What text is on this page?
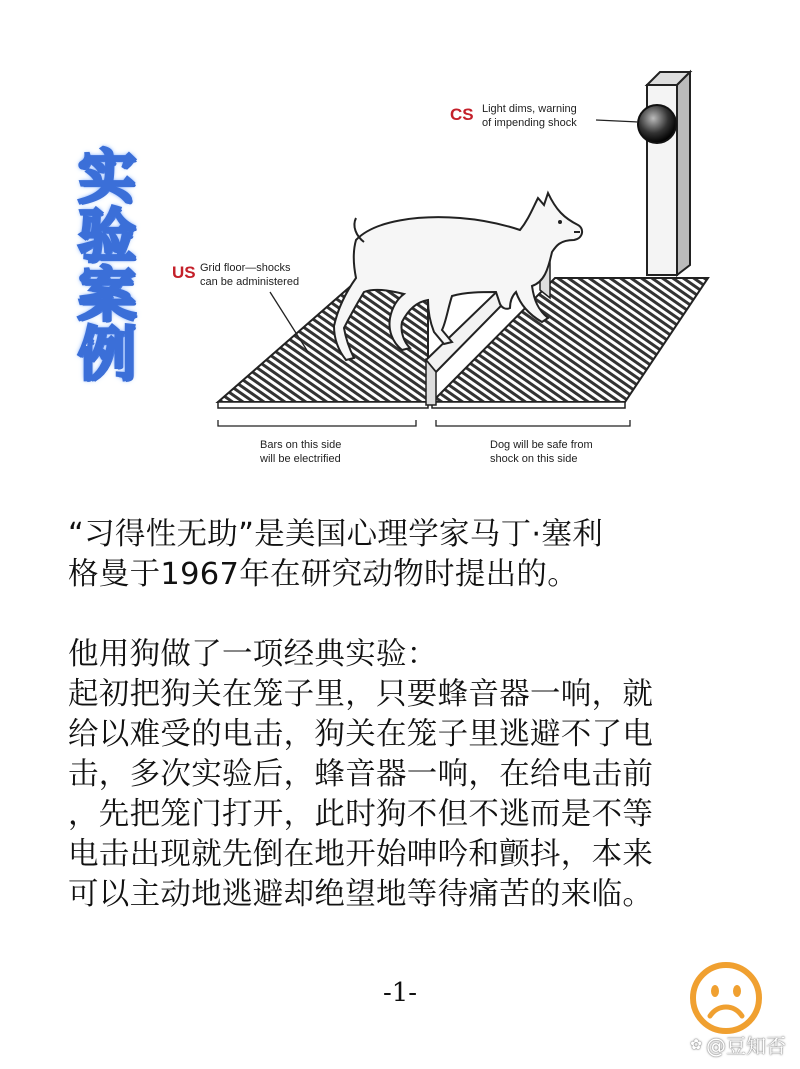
实
验
案
例
CS Light dims, warning
of impending shock
US Grid floor—shocks
can be administered
Bars on this side
will be electrified
Dog will be safe from
shock on this side

“习得性无助”是美国心理学家马丁·塞利

格曼于1967年在研究动物时提出的。

他用狗做了一项经典实验：

起初把狗关在笼子里，只要蜂音器一响，就

给以难受的电击，狗关在笼子里逃避不了电

击，多次实验后，蜂音器一响，在给电击前

，先把笼门打开，此时狗不但不逃而是不等

电击出现就先倒在地开始呻吟和颤抖，本来

可以主动地逃避却绝望地等待痛苦的来临。

-1-
✿ @豆知否
